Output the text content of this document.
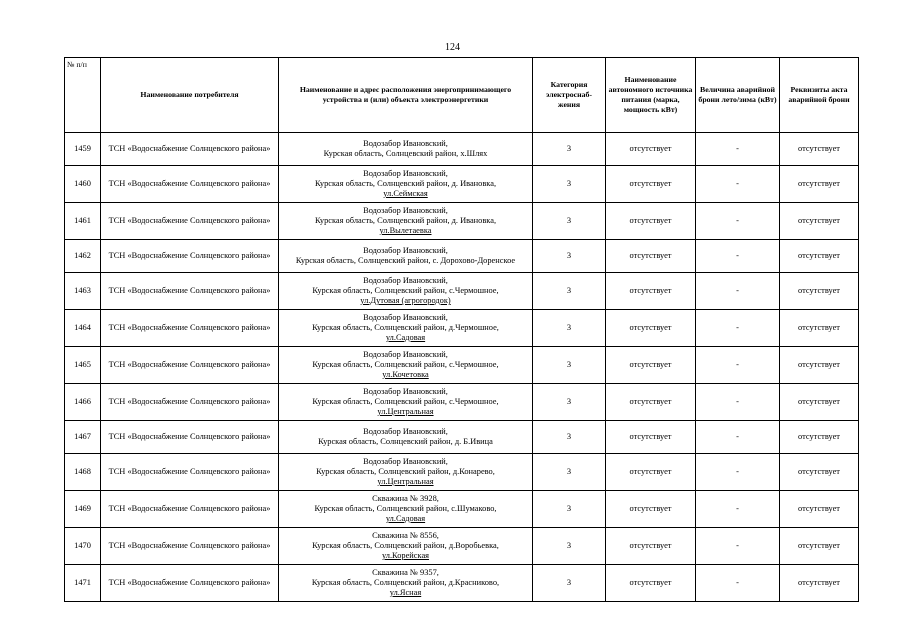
124
№ п/п	Наименование потребителя	Наименование и адрес расположения энергопринимающего устройства и (или) объекта электроэнергетики	Категория электроснаб-жения	Наименование автономного источника питания (марка, мощность кВт)	Величина аварийной брони лето/зима (кВт)	Реквизиты акта аварийной брони
1459	ТСН «Водоснабжение Солнцевского района»	Водозабор Ивановский,
Курская область, Солнцевский район, х.Шлях	3	отсутствует	-	отсутствует
1460	ТСН «Водоснабжение Солнцевского района»	Водозабор Ивановский,
Курская область, Солнцевский район, д. Ивановка,
ул.Сеймская	3	отсутствует	-	отсутствует
1461	ТСН «Водоснабжение Солнцевского района»	Водозабор Ивановский,
Курская область, Солнцевский район, д. Ивановка,
ул.Вылетаевка	3	отсутствует	-	отсутствует
1462	ТСН «Водоснабжение Солнцевского района»	Водозабор Ивановский,
Курская область, Солнцевский район, с. Дорохово-Доренское	3	отсутствует	-	отсутствует
1463	ТСН «Водоснабжение Солнцевского района»	Водозабор Ивановский,
Курская область, Солнцевский район, с.Чермошное,
ул.Дутовая (агрогородок)	3	отсутствует	-	отсутствует
1464	ТСН «Водоснабжение Солнцевского района»	Водозабор Ивановский,
Курская область, Солнцевский район, д.Чермошное,
ул.Садовая	3	отсутствует	-	отсутствует
1465	ТСН «Водоснабжение Солнцевского района»	Водозабор Ивановский,
Курская область, Солнцевский район, с.Чермошное,
ул.Кочетовка	3	отсутствует	-	отсутствует
1466	ТСН «Водоснабжение Солнцевского района»	Водозабор Ивановский,
Курская область, Солнцевский район, с.Чермошное,
ул.Центральная	3	отсутствует	-	отсутствует
1467	ТСН «Водоснабжение Солнцевского района»	Водозабор Ивановский,
Курская область, Солнцевский район, д. Б.Ивица	3	отсутствует	-	отсутствует
1468	ТСН «Водоснабжение Солнцевского района»	Водозабор Ивановский,
Курская область, Солнцевский район, д.Конарево,
ул.Центральная	3	отсутствует	-	отсутствует
1469	ТСН «Водоснабжение Солнцевского района»	Скважина № 3928,
Курская область, Солнцевский район, с.Шумаково,
ул.Садовая	3	отсутствует	-	отсутствует
1470	ТСН «Водоснабжение Солнцевского района»	Скважина № 8556,
Курская область, Солнцевский район, д.Воробьевка,
ул.Корейская	3	отсутствует	-	отсутствует
1471	ТСН «Водоснабжение Солнцевского района»	Скважина № 9357,
Курская область, Солнцевский район, д.Красниково,
ул.Ясная	3	отсутствует	-	отсутствует
